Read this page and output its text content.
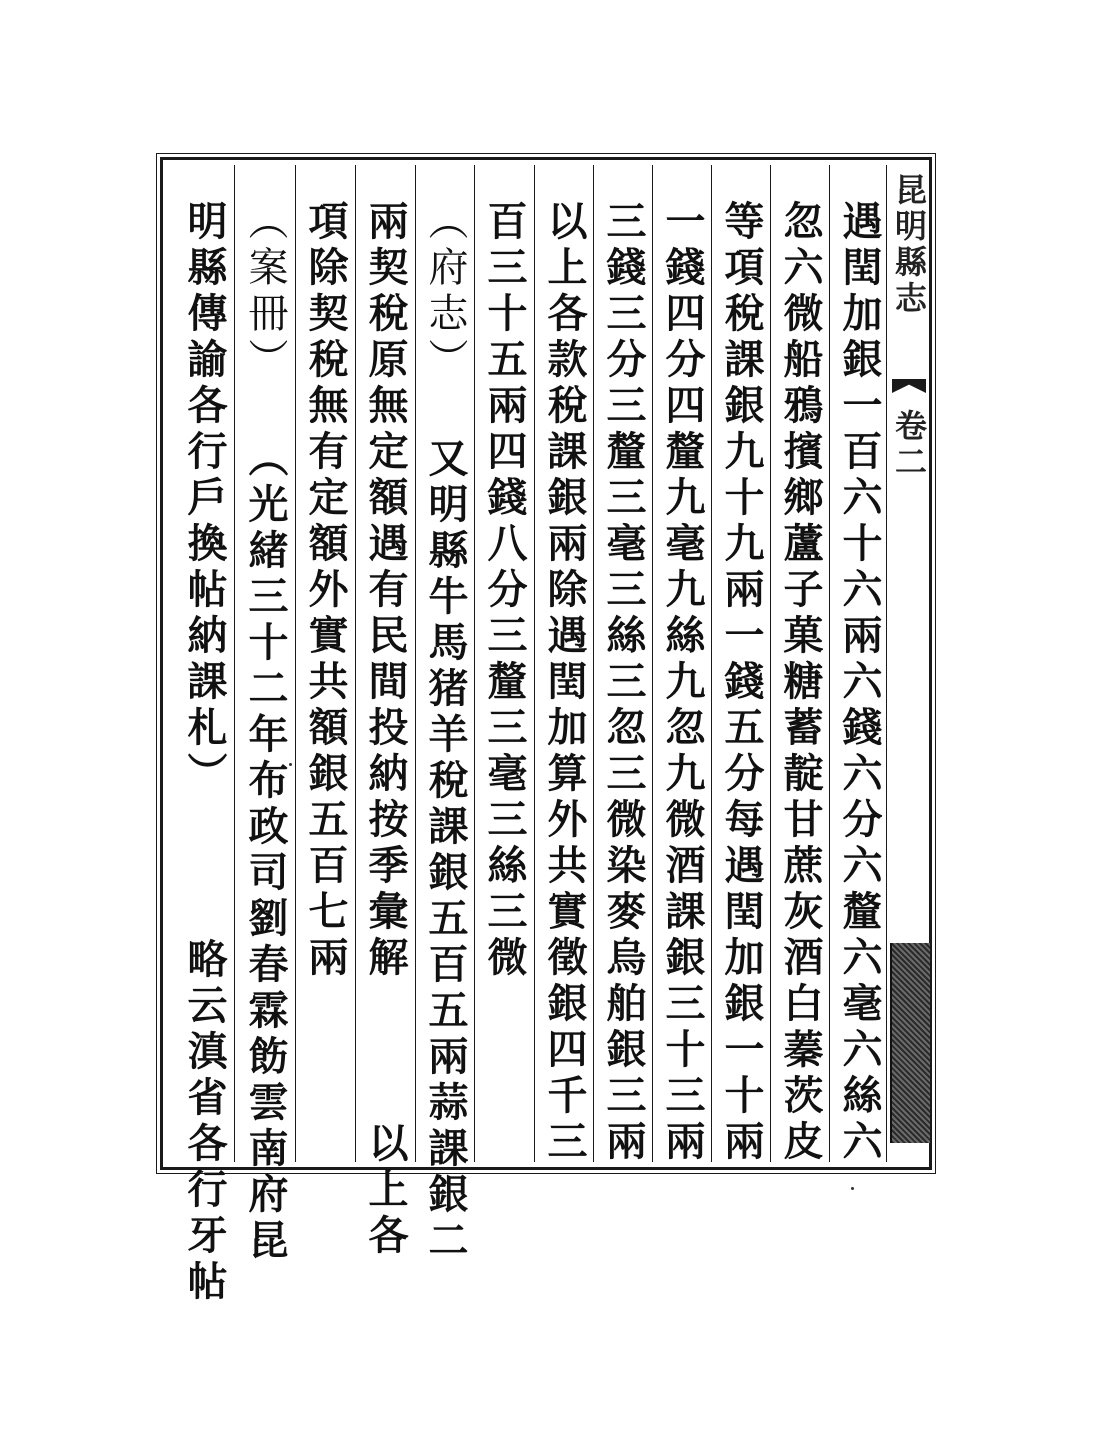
昆明縣志
卷二
遇閏加銀一百六十六兩六錢六分六釐六毫六絲六
忽六微船鴉擯鄉蘆子菓糖蓄靛甘蔗灰酒白蓁茨皮
等項稅課銀九十九兩一錢五分每遇閏加銀一十兩
一錢四分四釐九毫九絲九忽九微酒課銀三十三兩
三錢三分三釐三毫三絲三忽三微染麥烏舶銀三兩
以上各款稅課銀兩除遇閏加算外共實徵銀四千三
百三十五兩四錢八分三釐三毫三絲三微
（府志） 又明縣牛馬猪羊稅課銀五百五兩蒜課銀二
兩契稅原無定額遇有民間投納按季彙解  以上各
項除契稅無有定額外實共額銀五百七兩
（案冊） （光緒三十二年布政司劉春霖飭雲南府昆
明縣傳諭各行戶換帖納課札）  略云滇省各行牙帖
